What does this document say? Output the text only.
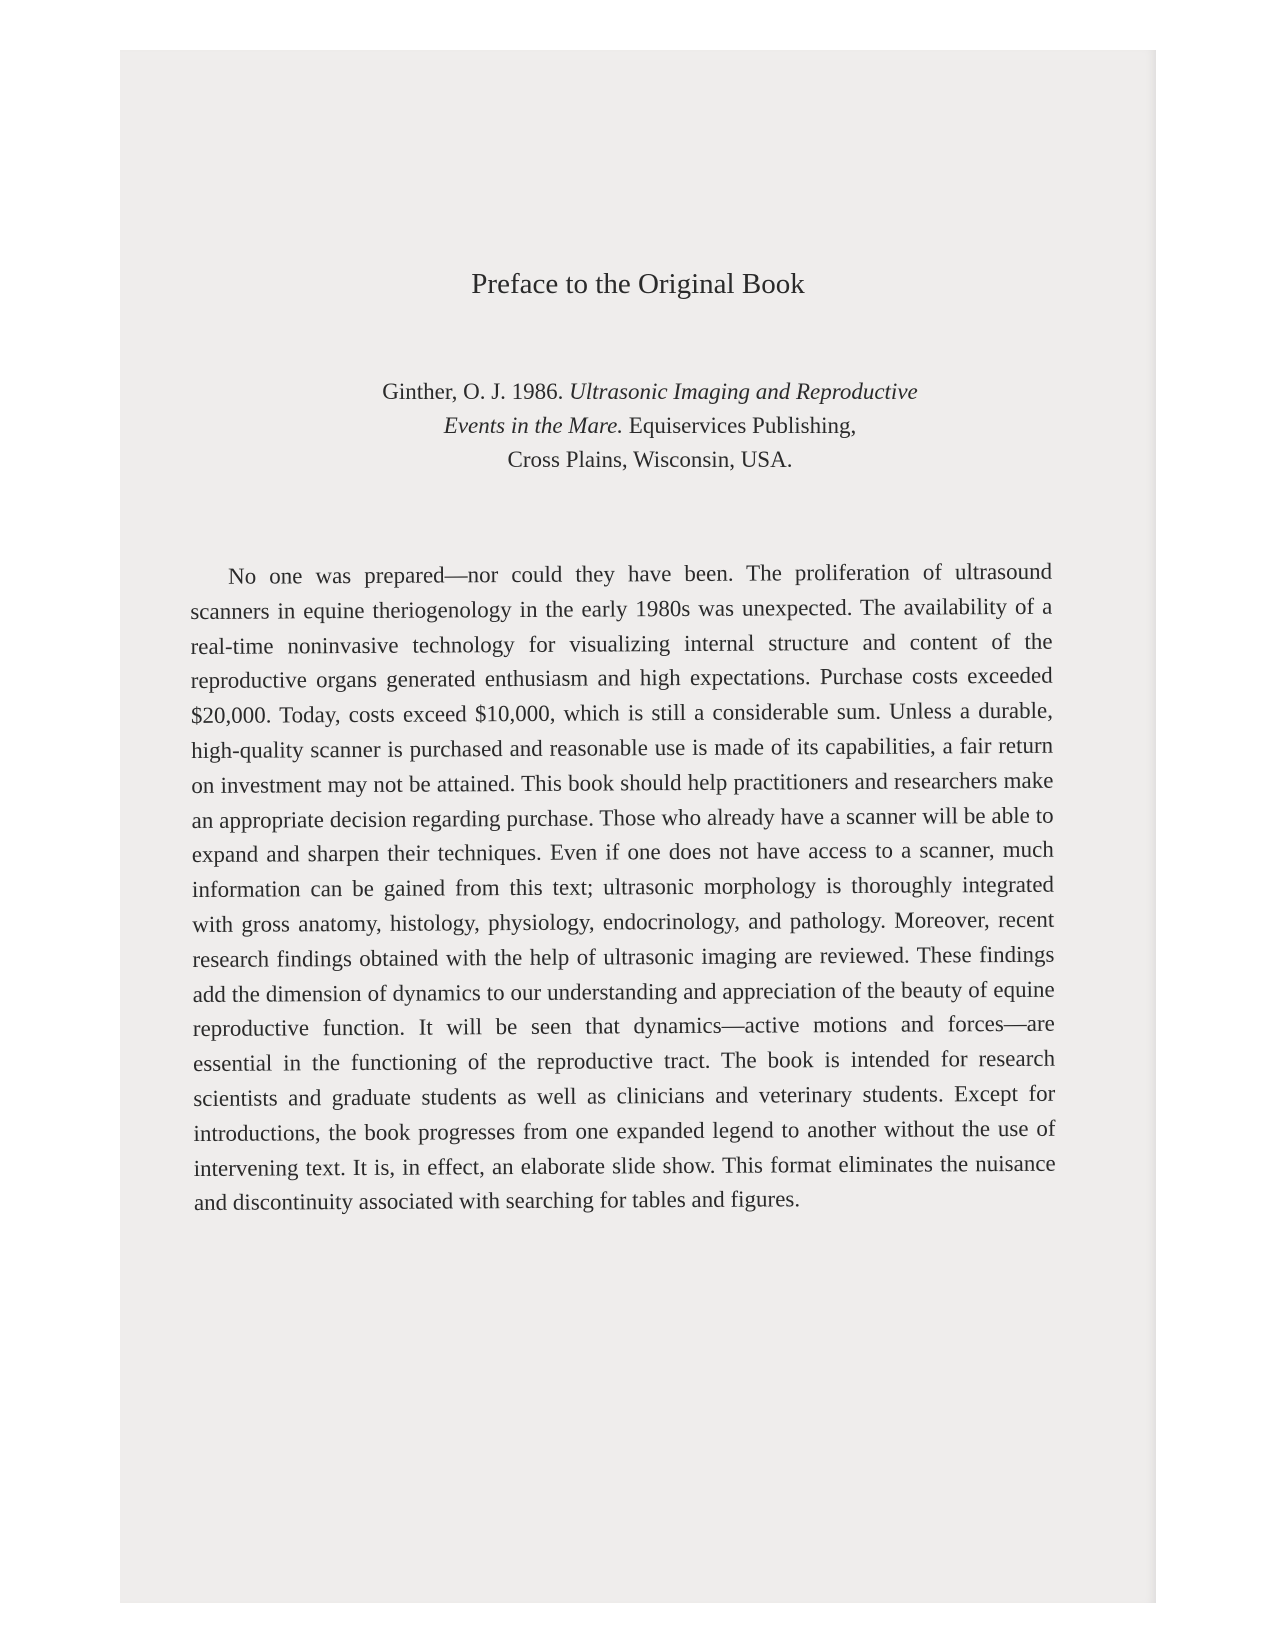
Preface to the Original Book
Ginther, O. J. 1986. Ultrasonic Imaging and Reproductive
Events in the Mare. Equiservices Publishing,
Cross Plains, Wisconsin, USA.

No one was prepared—nor could they have been. The proliferation of ultrasound scanners in equine theriogenology in the early 1980s was unexpected. The availability of a real-time noninvasive technology for visualizing internal structure and content of the reproductive organs generated enthusiasm and high expectations. Purchase costs exceeded $20,000. Today, costs exceed $10,000, which is still a considerable sum. Unless a durable, high-quality scanner is purchased and reasonable use is made of its capabilities, a fair return on investment may not be attained. This book should help practitioners and researchers make an appropriate decision regarding purchase. Those who already have a scanner will be able to expand and sharpen their techniques. Even if one does not have access to a scanner, much information can be gained from this text; ultrasonic morphology is thoroughly integrated with gross anatomy, histology, physiology, endocrinology, and pathology. Moreover, recent research findings obtained with the help of ultrasonic imaging are reviewed. These findings add the dimension of dynamics to our understanding and appreciation of the beauty of equine reproductive function. It will be seen that dynamics—active motions and forces—are essential in the functioning of the reproductive tract. The book is intended for research scientists and graduate students as well as clinicians and veterinary students. Except for introductions, the book progresses from one expanded legend to another without the use of intervening text. It is, in effect, an elaborate slide show. This format eliminates the nuisance and discontinuity associated with searching for tables and figures.
